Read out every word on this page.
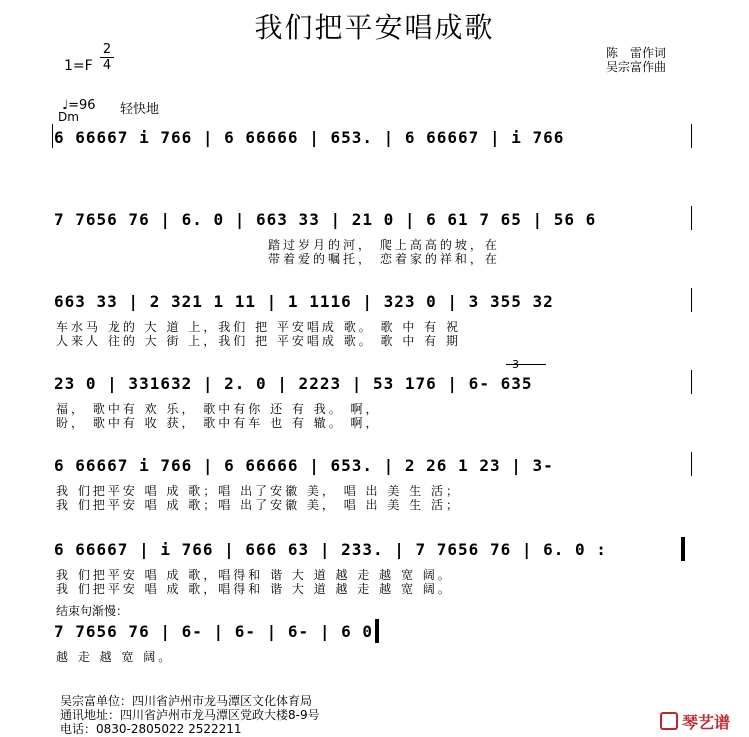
我们把平安唱成歌
1=F
2
4
陈　雷作词
吴宗富作曲
♩=96
Dm	轻快地
6 66667 i 766 | 6 66666 | 653. | 6 66667 | i 766
7 7656 76 | 6. 0 | 663 33 | 21 0 | 6 61 7 65 | 56 6
踏过岁月的河， 爬上高高的坡，在
带着爱的嘱托， 恋着家的祥和，在
663 33 | 2 321 1 11 | 1 1116 | 323 0 | 3 355 32
车水马 龙的 大 道 上，我们 把 平安唱成 歌。 歌 中 有 祝
人来人 往的 大 街 上，我们 把 平安唱成 歌。 歌 中 有 期
23 0 | 331632 | 2. 0 | 2223 | 53 176 | 6- 635
福， 歌中有 欢 乐， 歌中有你 还 有 我。 啊，
盼， 歌中有 收 获， 歌中有车 也 有 辙。 啊，
6 66667 i 766 | 6 66666 | 653. | 2 26 1 23 | 3-
我 们把平安 唱 成 歌；唱 出了安徽 美， 唱 出 美 生 活；
我 们把平安 唱 成 歌；唱 出了安徽 美， 唱 出 美 生 活；
6 66667 | i 766 | 666 63 | 233. | 7 7656 76 | 6. 0 :
我 们把平安 唱 成 歌，唱得和 谐 大 道 越 走 越 宽 阔。
我 们把平安 唱 成 歌，唱得和 谐 大 道 越 走 越 宽 阔。
结束句渐慢：
7 7656 76 | 6- | 6- | 6- | 6 0
越 走 越 宽 阔。
吴宗富单位：四川省泸州市龙马潭区文化体育局
通讯地址：四川省泸州市龙马潭区党政大楼8-9号
电话：0830-2805022 2522211	琴艺谱
